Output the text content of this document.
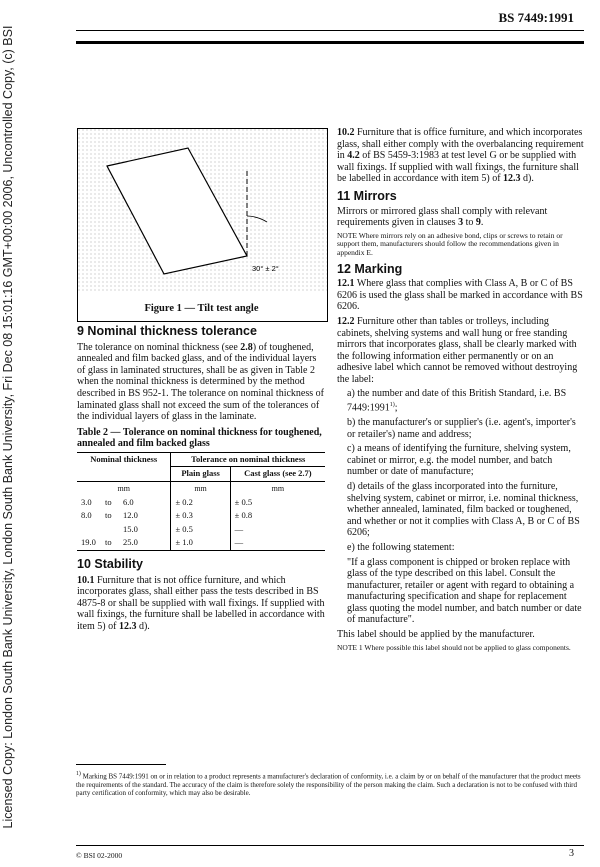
Licensed Copy: London South Bank University, London South Bank University, Fri Dec 08 15:01:16 GMT+00:00 2006, Uncontrolled Copy, (c) BSI
BS 7449:1991
30° ± 2°
Figure 1 — Tilt test angle

9 Nominal thickness tolerance

The tolerance on nominal thickness (see 2.8) of toughened, annealed and film backed glass, and of the individual layers of glass in laminated structures, shall be as given in Table 2 when the nominal thickness is determined by the method described in BS 952-1. The tolerance on nominal thickness of laminated glass shall not exceed the sum of the tolerances of the individual layers of glass in the laminate.

Table 2 — Tolerance on nominal thickness for toughened, annealed and film backed glass

Nominal thickness	Tolerance on nominal thickness	
	Plain glass	Cast glass (see 2.7)
mm	mm	mm
3.0 to 6.0	± 0.2	± 0.5
8.0 to 12.0	± 0.3	± 0.8
15.0	± 0.5	—
19.0 to 25.0	± 1.0	—

10 Stability

10.1 Furniture that is not office furniture, and which incorporates glass, shall either pass the tests described in BS 4875-8 or shall be supplied with wall fixings. If supplied with wall fixings, the furniture shall be labelled in accordance with item 5) of 12.3 d).

10.2 Furniture that is office furniture, and which incorporates glass, shall either comply with the overbalancing requirement in 4.2 of BS 5459-3:1983 at test level G or be supplied with wall fixings. If supplied with wall fixings, the furniture shall be labelled in accordance with item 5) of 12.3 d).

11 Mirrors

Mirrors or mirrored glass shall comply with relevant requirements given in clauses 3 to 9.

NOTE Where mirrors rely on an adhesive bond, clips or screws to retain or support them, manufacturers should follow the recommendations given in appendix E.

12 Marking

12.1 Where glass that complies with Class A, B or C of BS 6206 is used the glass shall be marked in accordance with BS 6206.

12.2 Furniture other than tables or trolleys, including cabinets, shelving systems and wall hung or free standing mirrors that incorporates glass, shall be clearly marked with the following information either permanently or on an adhesive label which cannot be removed without destroying the label:

a) the number and date of this British Standard, i.e. BS 7449:1991$^{1)}$;

b) the manufacturer's or supplier's (i.e. agent's, importer's or retailer's) name and address;

c) a means of identifying the furniture, shelving system, cabinet or mirror, e.g. the model number, and batch number or date of manufacture;

d) details of the glass incorporated into the furniture, shelving system, cabinet or mirror, i.e. nominal thickness, whether annealed, laminated, film backed or toughened, and whether or not it complies with Class A, B or C of BS 6206;

e) the following statement:

"If a glass component is chipped or broken replace with glass of the type described on this label. Consult the manufacturer, retailer or agent with regard to obtaining a manufacturing specification and shape for replacement glass quoting the model number, and batch number or date of manufacture".

This label should be applied by the manufacturer.

NOTE 1 Where possible this label should not be applied to glass components.

$^{1)}$ Marking BS 7449:1991 on or in relation to a product represents a manufacturer's declaration of conformity, i.e. a claim by or on behalf of the manufacturer that the product meets the requirements of the standard. The accuracy of the claim is therefore solely the responsibility of the person making the claim. Such a declaration is not to be confused with third party certification of conformity, which may also be desirable.
© BSI 02-2000	3
